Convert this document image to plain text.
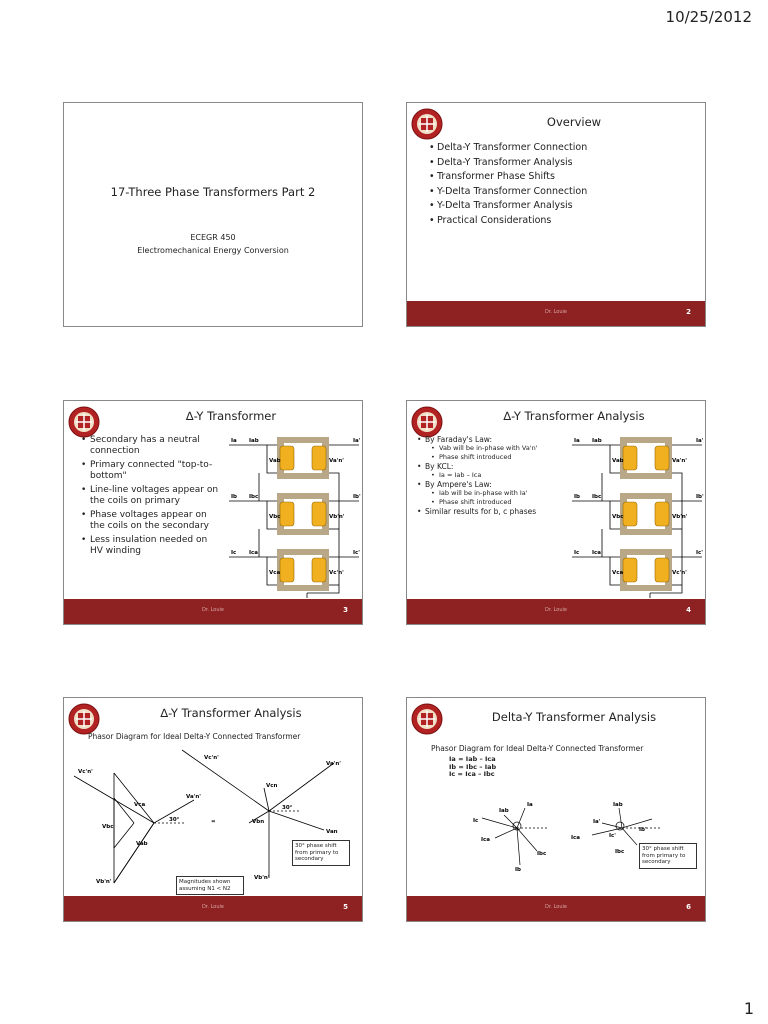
10/25/2012
1
17-Three Phase Transformers Part 2
ECEGR 450
Electromechanical Energy Conversion
Overview
• Delta-Y Transformer Connection
• Delta-Y Transformer Analysis
• Transformer Phase Shifts
• Y-Delta Transformer Connection
• Y-Delta Transformer Analysis
• Practical Considerations
Dr. Louie	2
∆-Y Transformer
• Secondary has a neutral connection
• Primary connected "top-to-bottom"
• Line-line voltages appear on the coils on primary
• Phase voltages appear on the coils on the secondary
• Less insulation needed on HV winding
Dr. Louie	3
∆-Y Transformer Analysis
• By Faraday's Law:
• Vab will be in-phase with Va'n'
• Phase shift introduced
• By KCL:
• Ia = Iab – Ica
• By Ampere's Law:
• Iab will be in-phase with Ia'
• Phase shift introduced
• Similar results for b, c phases
Dr. Louie	4
∆-Y Transformer Analysis
Phasor Diagram for Ideal Delta-Y Connected Transformer
Vc'n'
Vca
Vbc
Vab
Va'n'
Vb'n'
=
Vc'n'
Va'n'
Vcn
Van
Vbn
Vb'n'
30°
30°
Magnitudes shown assuming N1 < N2
30° phase shift from primary to secondary
Dr. Louie	5
Delta-Y Transformer Analysis
Phasor Diagram for Ideal Delta-Y Connected Transformer
Ia = Iab – Ica
Ib = Ibc – Iab
Ic = Ica – Ibc
Iab
Ia
Ic
Ica
Ibc
Ib
Iab
Ia'
Ica	Ic'
Ibc
Ib'
30° phase shift from primary to secondary
Dr. Louie	6
